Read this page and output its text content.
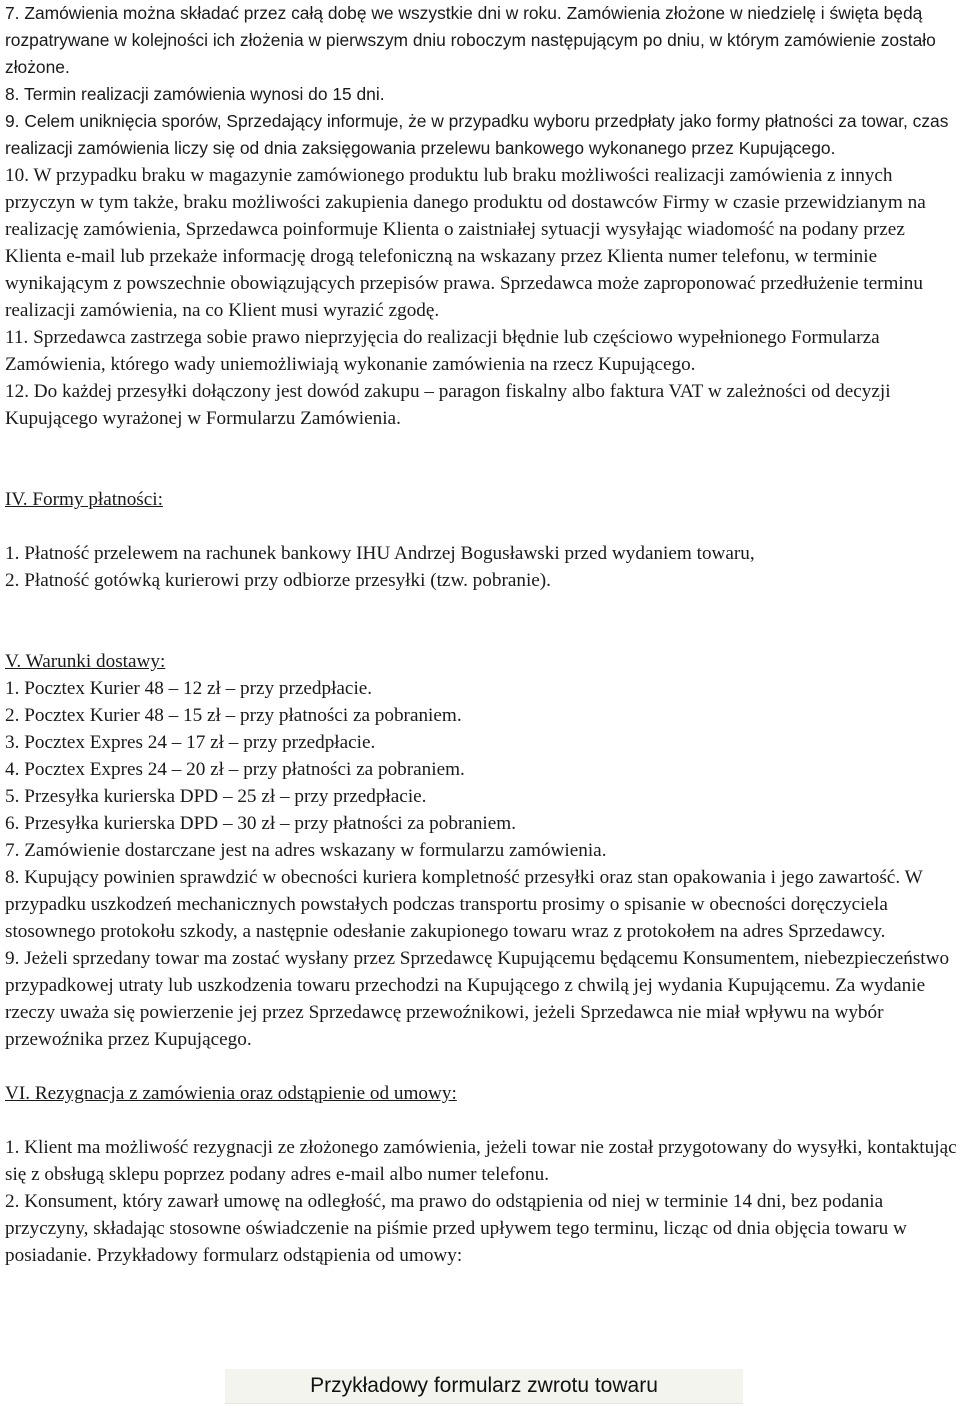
7. Zamówienia można składać przez całą dobę we wszystkie dni w roku. Zamówienia złożone w niedzielę i święta będą rozpatrywane w kolejności ich złożenia w pierwszym dniu roboczym następującym po dniu, w którym zamówienie zostało złożone.

8. Termin realizacji zamówienia wynosi do 15 dni.

9. Celem uniknięcia sporów, Sprzedający informuje, że w przypadku wyboru przedpłaty jako formy płatności za towar, czas realizacji zamówienia liczy się od dnia zaksięgowania przelewu bankowego wykonanego przez Kupującego.

10. W przypadku braku w magazynie zamówionego produktu lub braku możliwości realizacji zamówienia z innych przyczyn w tym także, braku możliwości zakupienia danego produktu od dostawców Firmy w czasie przewidzianym na realizację zamówienia, Sprzedawca poinformuje Klienta o zaistniałej sytuacji wysyłając wiadomość na podany przez Klienta e-mail lub przekaże informację drogą telefoniczną na wskazany przez Klienta numer telefonu, w terminie wynikającym z powszechnie obowiązujących przepisów prawa. Sprzedawca może zaproponować przedłużenie terminu realizacji zamówienia, na co Klient musi wyrazić zgodę.

11. Sprzedawca zastrzega sobie prawo nieprzyjęcia do realizacji błędnie lub częściowo wypełnionego Formularza Zamówienia, którego wady uniemożliwiają wykonanie zamówienia na rzecz Kupującego.

12. Do każdej przesyłki dołączony jest dowód zakupu – paragon fiskalny albo faktura VAT w zależności od decyzji Kupującego wyrażonej w Formularzu Zamówienia.

IV. Formy płatności:

1. Płatność przelewem na rachunek bankowy IHU Andrzej Bogusławski przed wydaniem towaru,

2. Płatność gotówką kurierowi przy odbiorze przesyłki (tzw. pobranie).

V. Warunki dostawy:

1. Pocztex Kurier 48 – 12 zł – przy przedpłacie.

2. Pocztex Kurier 48 – 15 zł – przy płatności za pobraniem.

3. Pocztex Expres 24 – 17 zł – przy przedpłacie.

4. Pocztex Expres 24 – 20 zł – przy płatności za pobraniem.

5. Przesyłka kurierska DPD – 25 zł – przy przedpłacie.

6. Przesyłka kurierska DPD – 30 zł – przy płatności za pobraniem.

7. Zamówienie dostarczane jest na adres wskazany w formularzu zamówienia.

8. Kupujący powinien sprawdzić w obecności kuriera kompletność przesyłki oraz stan opakowania i jego zawartość. W przypadku uszkodzeń mechanicznych powstałych podczas transportu prosimy o spisanie w obecności doręczyciela stosownego protokołu szkody, a następnie odesłanie zakupionego towaru wraz z protokołem na adres Sprzedawcy.

9. Jeżeli sprzedany towar ma zostać wysłany przez Sprzedawcę Kupującemu będącemu Konsumentem, niebezpieczeństwo przypadkowej utraty lub uszkodzenia towaru przechodzi na Kupującego z chwilą jej wydania Kupującemu. Za wydanie rzeczy uważa się powierzenie jej przez Sprzedawcę przewoźnikowi, jeżeli Sprzedawca nie miał wpływu na wybór przewoźnika przez Kupującego.

VI. Rezygnacja z zamówienia oraz odstąpienie od umowy:

1. Klient ma możliwość rezygnacji ze złożonego zamówienia, jeżeli towar nie został przygotowany do wysyłki, kontaktując się z obsługą sklepu poprzez podany adres e-mail albo numer telefonu.

2. Konsument, który zawarł umowę na odległość, ma prawo do odstąpienia od niej w terminie 14 dni, bez podania przyczyny, składając stosowne oświadczenie na piśmie przed upływem tego terminu, licząc od dnia objęcia towaru w posiadanie. Przykładowy formularz odstąpienia od umowy:

Przykładowy formularz zwrotu towaru
